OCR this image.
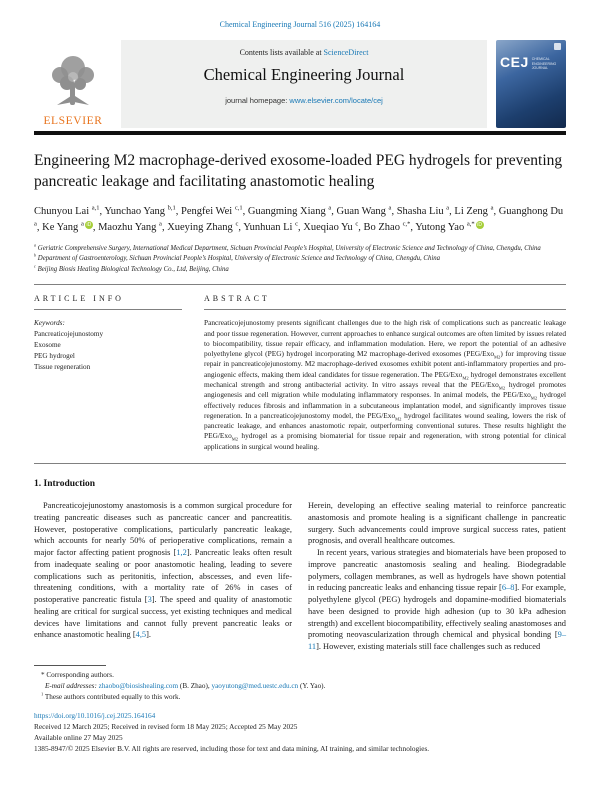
Chemical Engineering Journal 516 (2025) 164164
ELSEVIER
Contents lists available at ScienceDirect
Chemical Engineering Journal
journal homepage: www.elsevier.com/locate/cej
CEJ CHEMICAL ENGINEERING JOURNAL
Engineering M2 macrophage-derived exosome-loaded PEG hydrogels for preventing pancreatic leakage and facilitating anastomotic healing
Chunyou Lai $^{a,1}$, Yunchao Yang $^{b,1}$, Pengfei Wei $^{c,1}$, Guangming Xiang $^a$, Guan Wang $^a$, Shasha Liu $^a$, Li Zeng $^a$, Guanghong Du $^a$, Ke Yang $^a$ iD , Maozhu Yang $^a$, Xueying Zhang $^c$, Yunhuan Li $^c$, Xueqiao Yu $^c$, Bo Zhao $^{c,*}$, Yutong Yao $^{a,*}$ iD
$^a$ Geriatric Comprehensive Surgery, International Medical Department, Sichuan Provincial People’s Hospital, University of Electronic Science and Technology of China, Chengdu, China
$^b$ Department of Gastroenterology, Sichuan Provincial People’s Hospital, University of Electronic Science and Technology of China, Chengdu, China
$^c$ Beijing Biosis Healing Biological Technology Co., Ltd, Beijing, China
ARTICLE INFO
Keywords:
Pancreaticojejunostomy
Exosome
PEG hydrogel
Tissue regeneration
ABSTRACT
Pancreaticojejunostomy presents significant challenges due to the high risk of complications such as pancreatic leakage and poor tissue regeneration. However, current approaches to enhance surgical outcomes are often limited by issues related to biocompatibility, tissue repair efficacy, and inflammation modulation. Here, we report the potential of an adhesive polyethylene glycol (PEG) hydrogel incorporating M2 macrophage-derived exosomes (PEG/Exo$_{M2}$) for improving tissue repair in pancreaticojejunostomy. M2 macrophage-derived exosomes exhibit potent anti-inflammatory properties and pro-angiogenic effects, making them ideal candidates for tissue regeneration. The PEG/Exo$_{M2}$ hydrogel demonstrates excellent mechanical strength and strong antibacterial activity. In vitro assays reveal that the PEG/Exo$_{M2}$ hydrogel promotes angiogenesis and cell migration while modulating inflammatory responses. In animal models, the PEG/Exo$_{M2}$ hydrogel effectively reduces fibrosis and inflammation in a subcutaneous implantation model, and significantly improves tissue regeneration. In a pancreaticojejunostomy model, the PEG/Exo$_{M2}$ hydrogel facilitates wound sealing, lowers the risk of pancreatic leakage, and enhances anastomotic repair, outperforming conventional sutures. These results highlight the PEG/Exo$_{M2}$ hydrogel as a promising biomaterial for tissue repair and regeneration, with strong potential for clinical applications in surgical wound healing.
1. Introduction

Pancreaticojejunostomy anastomosis is a common surgical procedure for treating pancreatic diseases such as pancreatic cancer and pancreatitis. However, postoperative complications, particularly pancreatic leakage, which accounts for nearly 50% of perioperative complications, remain a major factor affecting patient prognosis [1,2]. Pancreatic leaks often result from inadequate sealing or poor anastomotic healing, leading to severe complications such as peritonitis, infection, abscesses, and even life-threatening conditions, with a mortality rate of 26% in cases of postoperative pancreatic fistula [3]. The speed and quality of anastomotic healing are critical for surgical success, yet existing techniques and medical devices have limitations and cannot fully prevent pancreatic leaks or enhance anastomotic healing [4,5].

Herein, developing an effective sealing material to reinforce pancreatic anastomosis and promote healing is a significant challenge in pancreatic surgery. Such advancements could improve surgical success rates, patient prognosis, and overall healthcare outcomes.

In recent years, various strategies and biomaterials have been proposed to improve pancreatic anastomosis sealing and healing. Biodegradable polymers, collagen membranes, as well as hydrogels have shown potential in reducing pancreatic leaks and enhancing tissue repair [6–8]. For example, polyethylene glycol (PEG) hydrogels and dopamine-modified biomaterials have been designed to provide high adhesion (up to 30 kPa adhesion strength) and excellent biocompatibility, effectively sealing anastomoses and promoting neovascularization through chemical and physical bonding [9–11]. However, existing materials still face challenges such as reduced

* Corresponding authors.
E-mail addresses: zhaobo@biosishealing.com (B. Zhao), yaoyutong@med.uestc.edu.cn (Y. Yao).
$^1$ These authors contributed equally to this work.
https://doi.org/10.1016/j.cej.2025.164164
Received 12 March 2025; Received in revised form 18 May 2025; Accepted 25 May 2025
Available online 27 May 2025
1385-8947/© 2025 Elsevier B.V. All rights are reserved, including those for text and data mining, AI training, and similar technologies.
